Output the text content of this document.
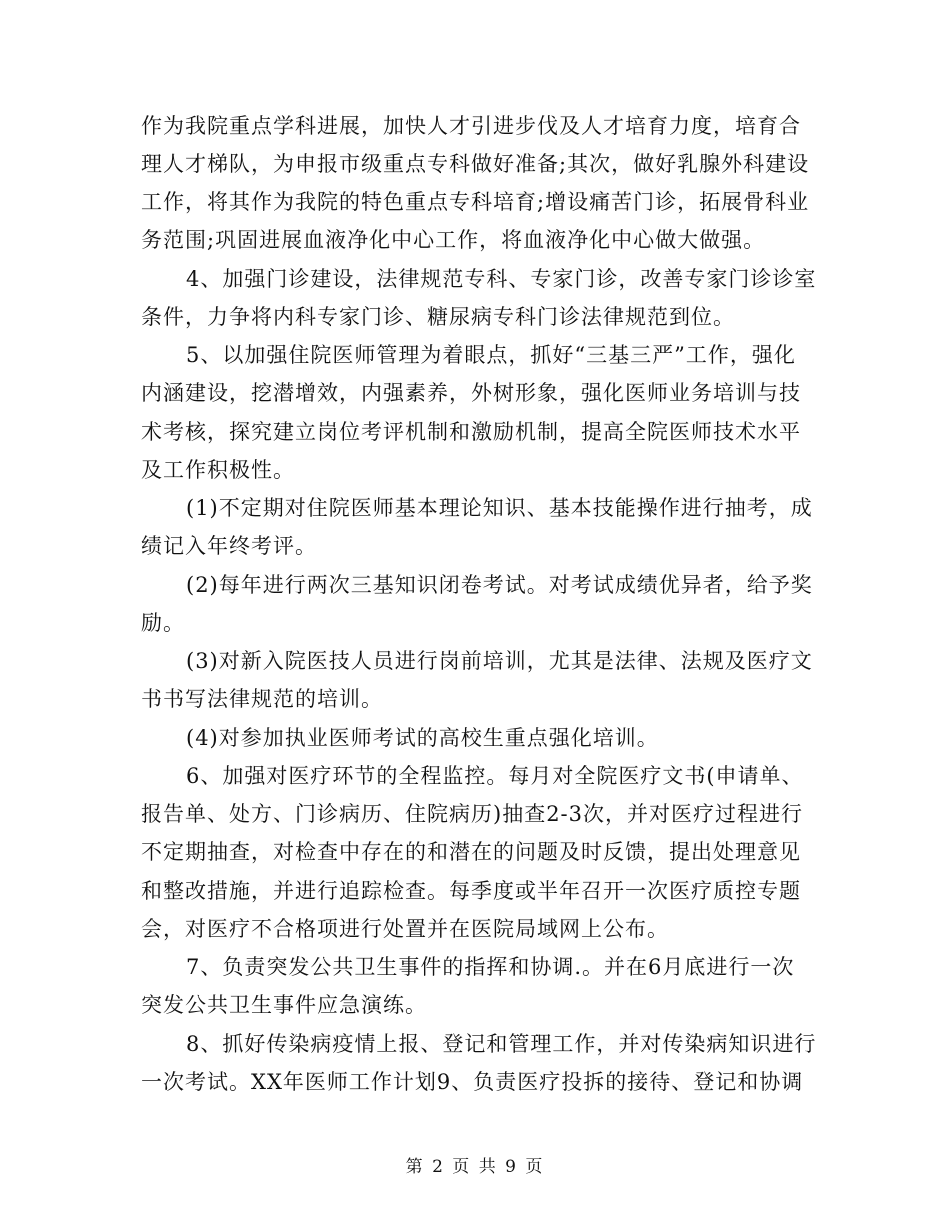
作为我院重点学科进展，加快人才引进步伐及人才培育力度，培育合
理人才梯队，为申报市级重点专科做好准备;其次，做好乳腺外科建设
工作，将其作为我院的特色重点专科培育;增设痛苦门诊，拓展骨科业
务范围;巩固进展血液净化中心工作，将血液净化中心做大做强。
4、加强门诊建设，法律规范专科、专家门诊，改善专家门诊诊室
条件，力争将内科专家门诊、糖尿病专科门诊法律规范到位。
5、以加强住院医师管理为着眼点，抓好“三基三严”工作，强化
内涵建设，挖潜增效，内强素养，外树形象，强化医师业务培训与技
术考核，探究建立岗位考评机制和激励机制，提高全院医师技术水平
及工作积极性。
(1)不定期对住院医师基本理论知识、基本技能操作进行抽考，成
绩记入年终考评。
(2)每年进行两次三基知识闭卷考试。对考试成绩优异者，给予奖
励。
(3)对新入院医技人员进行岗前培训，尤其是法律、法规及医疗文
书书写法律规范的培训。
(4)对参加执业医师考试的高校生重点强化培训。
6、加强对医疗环节的全程监控。每月对全院医疗文书(申请单、
报告单、处方、门诊病历、住院病历)抽查2-3次，并对医疗过程进行
不定期抽查，对检查中存在的和潜在的问题及时反馈，提出处理意见
和整改措施，并进行追踪检查。每季度或半年召开一次医疗质控专题
会，对医疗不合格项进行处置并在医院局域网上公布。
7、负责突发公共卫生事件的指挥和协调.。并在6月底进行一次
突发公共卫生事件应急演练。
8、抓好传染病疫情上报、登记和管理工作，并对传染病知识进行
一次考试。XX年医师工作计划9、负责医疗投拆的接待、登记和协调
第 2 页 共 9 页
